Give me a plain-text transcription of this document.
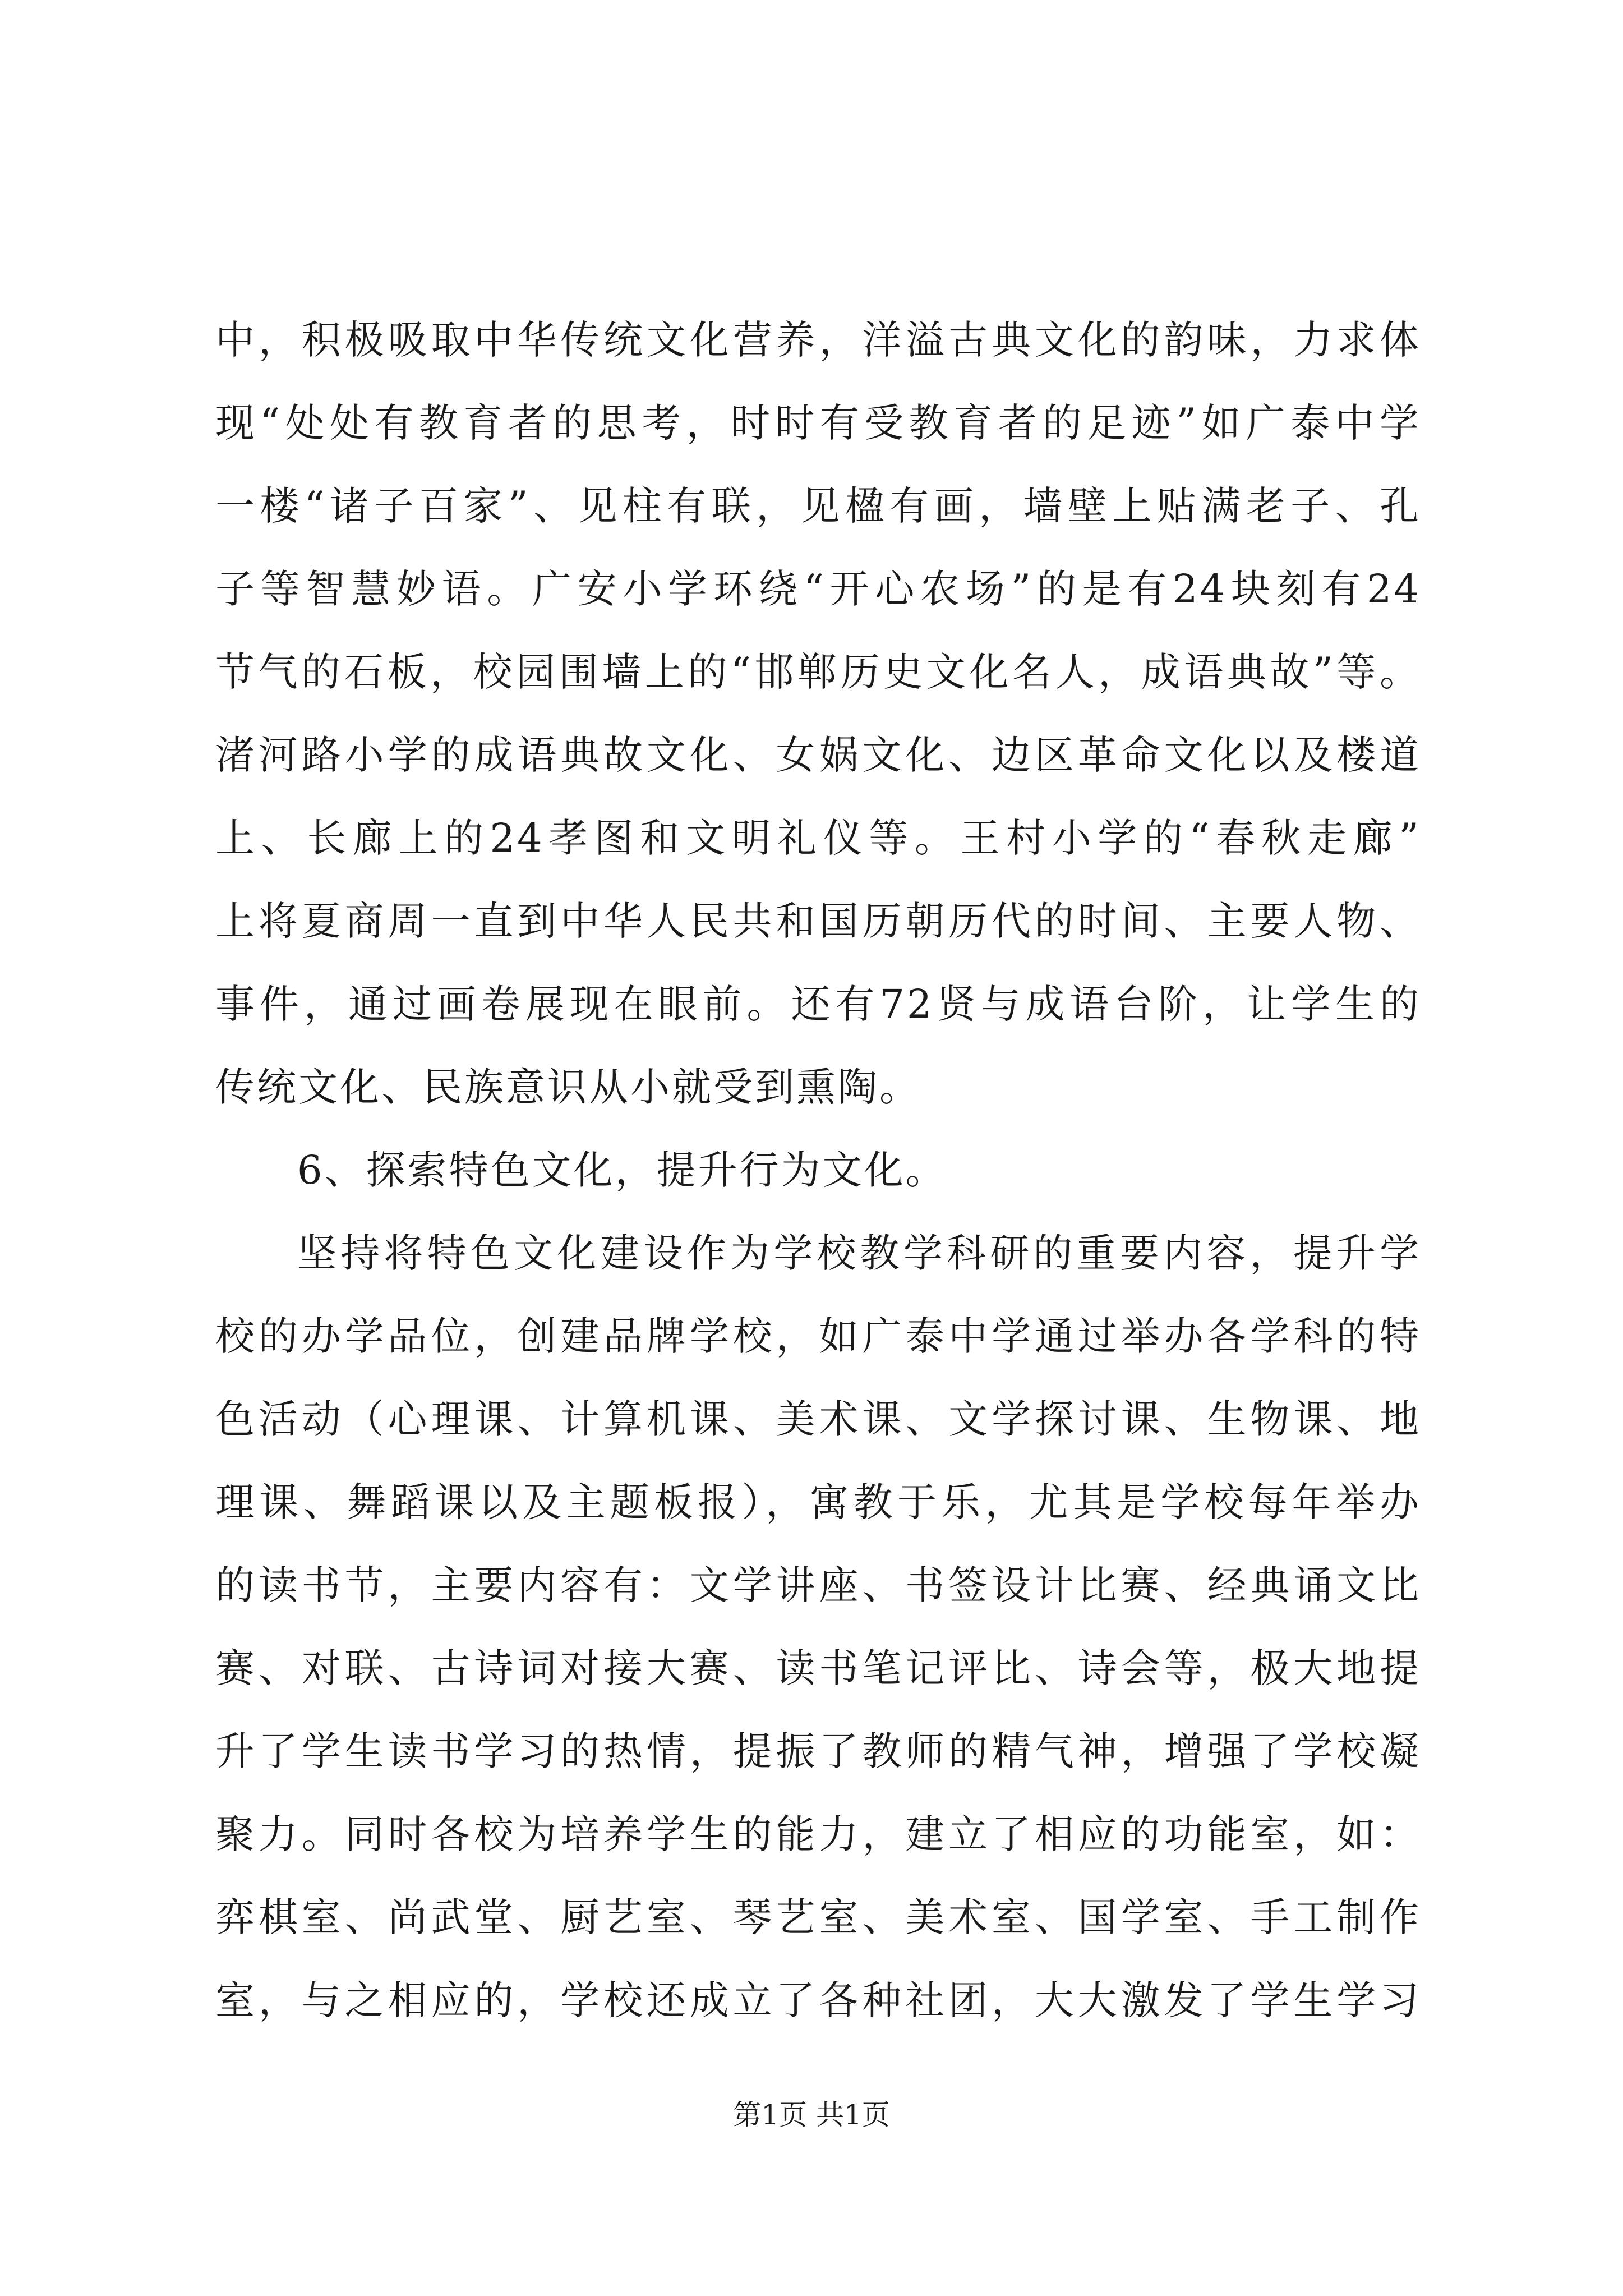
中，积极吸取中华传统文化营养，洋溢古典文化的韵味，力求体
现“处处有教育者的思考，时时有受教育者的足迹”如广泰中学
一楼“诸子百家”、见柱有联，见楹有画，墙壁上贴满老子、孔
子等智慧妙语。广安小学环绕“开心农场”的是有24块刻有24
节气的石板，校园围墙上的“邯郸历史文化名人，成语典故”等。
渚河路小学的成语典故文化、女娲文化、边区革命文化以及楼道
上、长廊上的24孝图和文明礼仪等。王村小学的“春秋走廊”
上将夏商周一直到中华人民共和国历朝历代的时间、主要人物、
事件，通过画卷展现在眼前。还有72贤与成语台阶，让学生的
传统文化、民族意识从小就受到熏陶。
6、探索特色文化，提升行为文化。
坚持将特色文化建设作为学校教学科研的重要内容，提升学
校的办学品位，创建品牌学校，如广泰中学通过举办各学科的特
色活动（心理课、计算机课、美术课、文学探讨课、生物课、地
理课、舞蹈课以及主题板报），寓教于乐，尤其是学校每年举办
的读书节，主要内容有：文学讲座、书签设计比赛、经典诵文比
赛、对联、古诗词对接大赛、读书笔记评比、诗会等，极大地提
升了学生读书学习的热情，提振了教师的精气神，增强了学校凝
聚力。同时各校为培养学生的能力，建立了相应的功能室，如：
弈棋室、尚武堂、厨艺室、琴艺室、美术室、国学室、手工制作
室，与之相应的，学校还成立了各种社团，大大激发了学生学习
第1页 共1页
